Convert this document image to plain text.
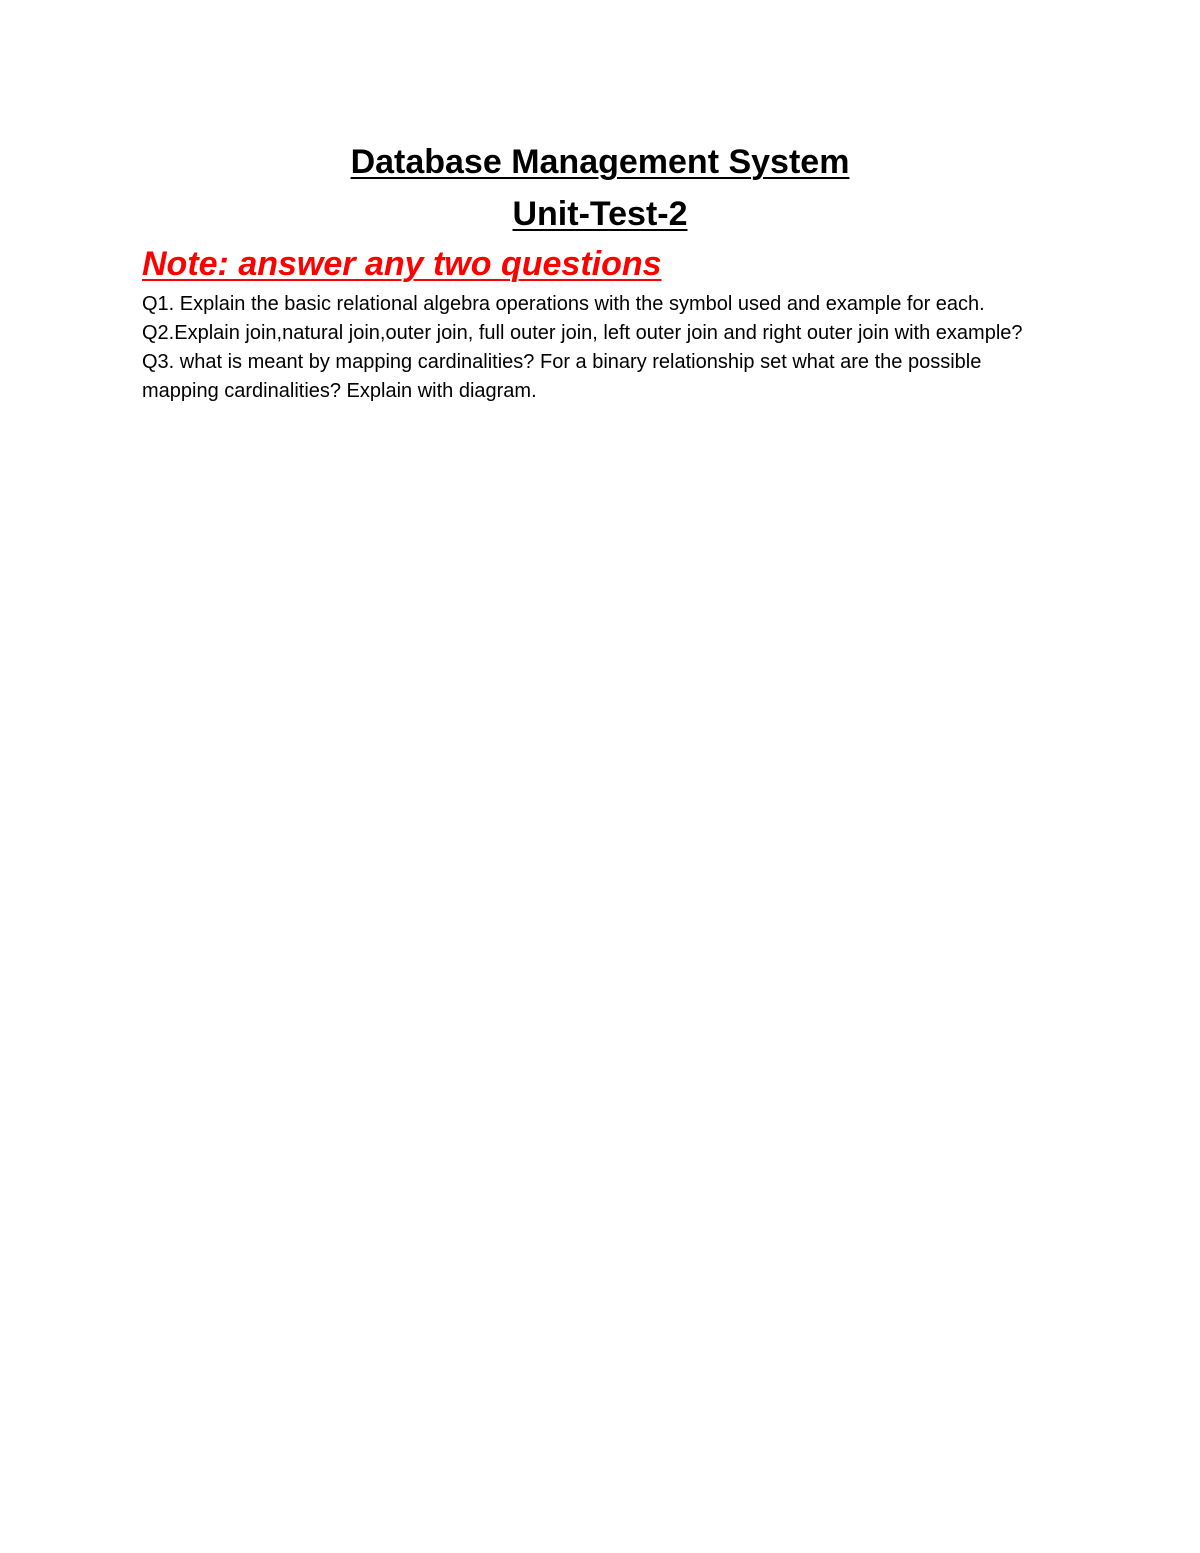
Database Management System
Unit-Test-2

Note: answer any two questions

Q1. Explain the basic relational algebra operations with the symbol used and example for each.
Q2.Explain join,natural join,outer join, full outer join, left outer join and right outer join with example?
Q3. what is meant by mapping cardinalities? For a binary relationship set what are the possible mapping cardinalities? Explain with diagram.
